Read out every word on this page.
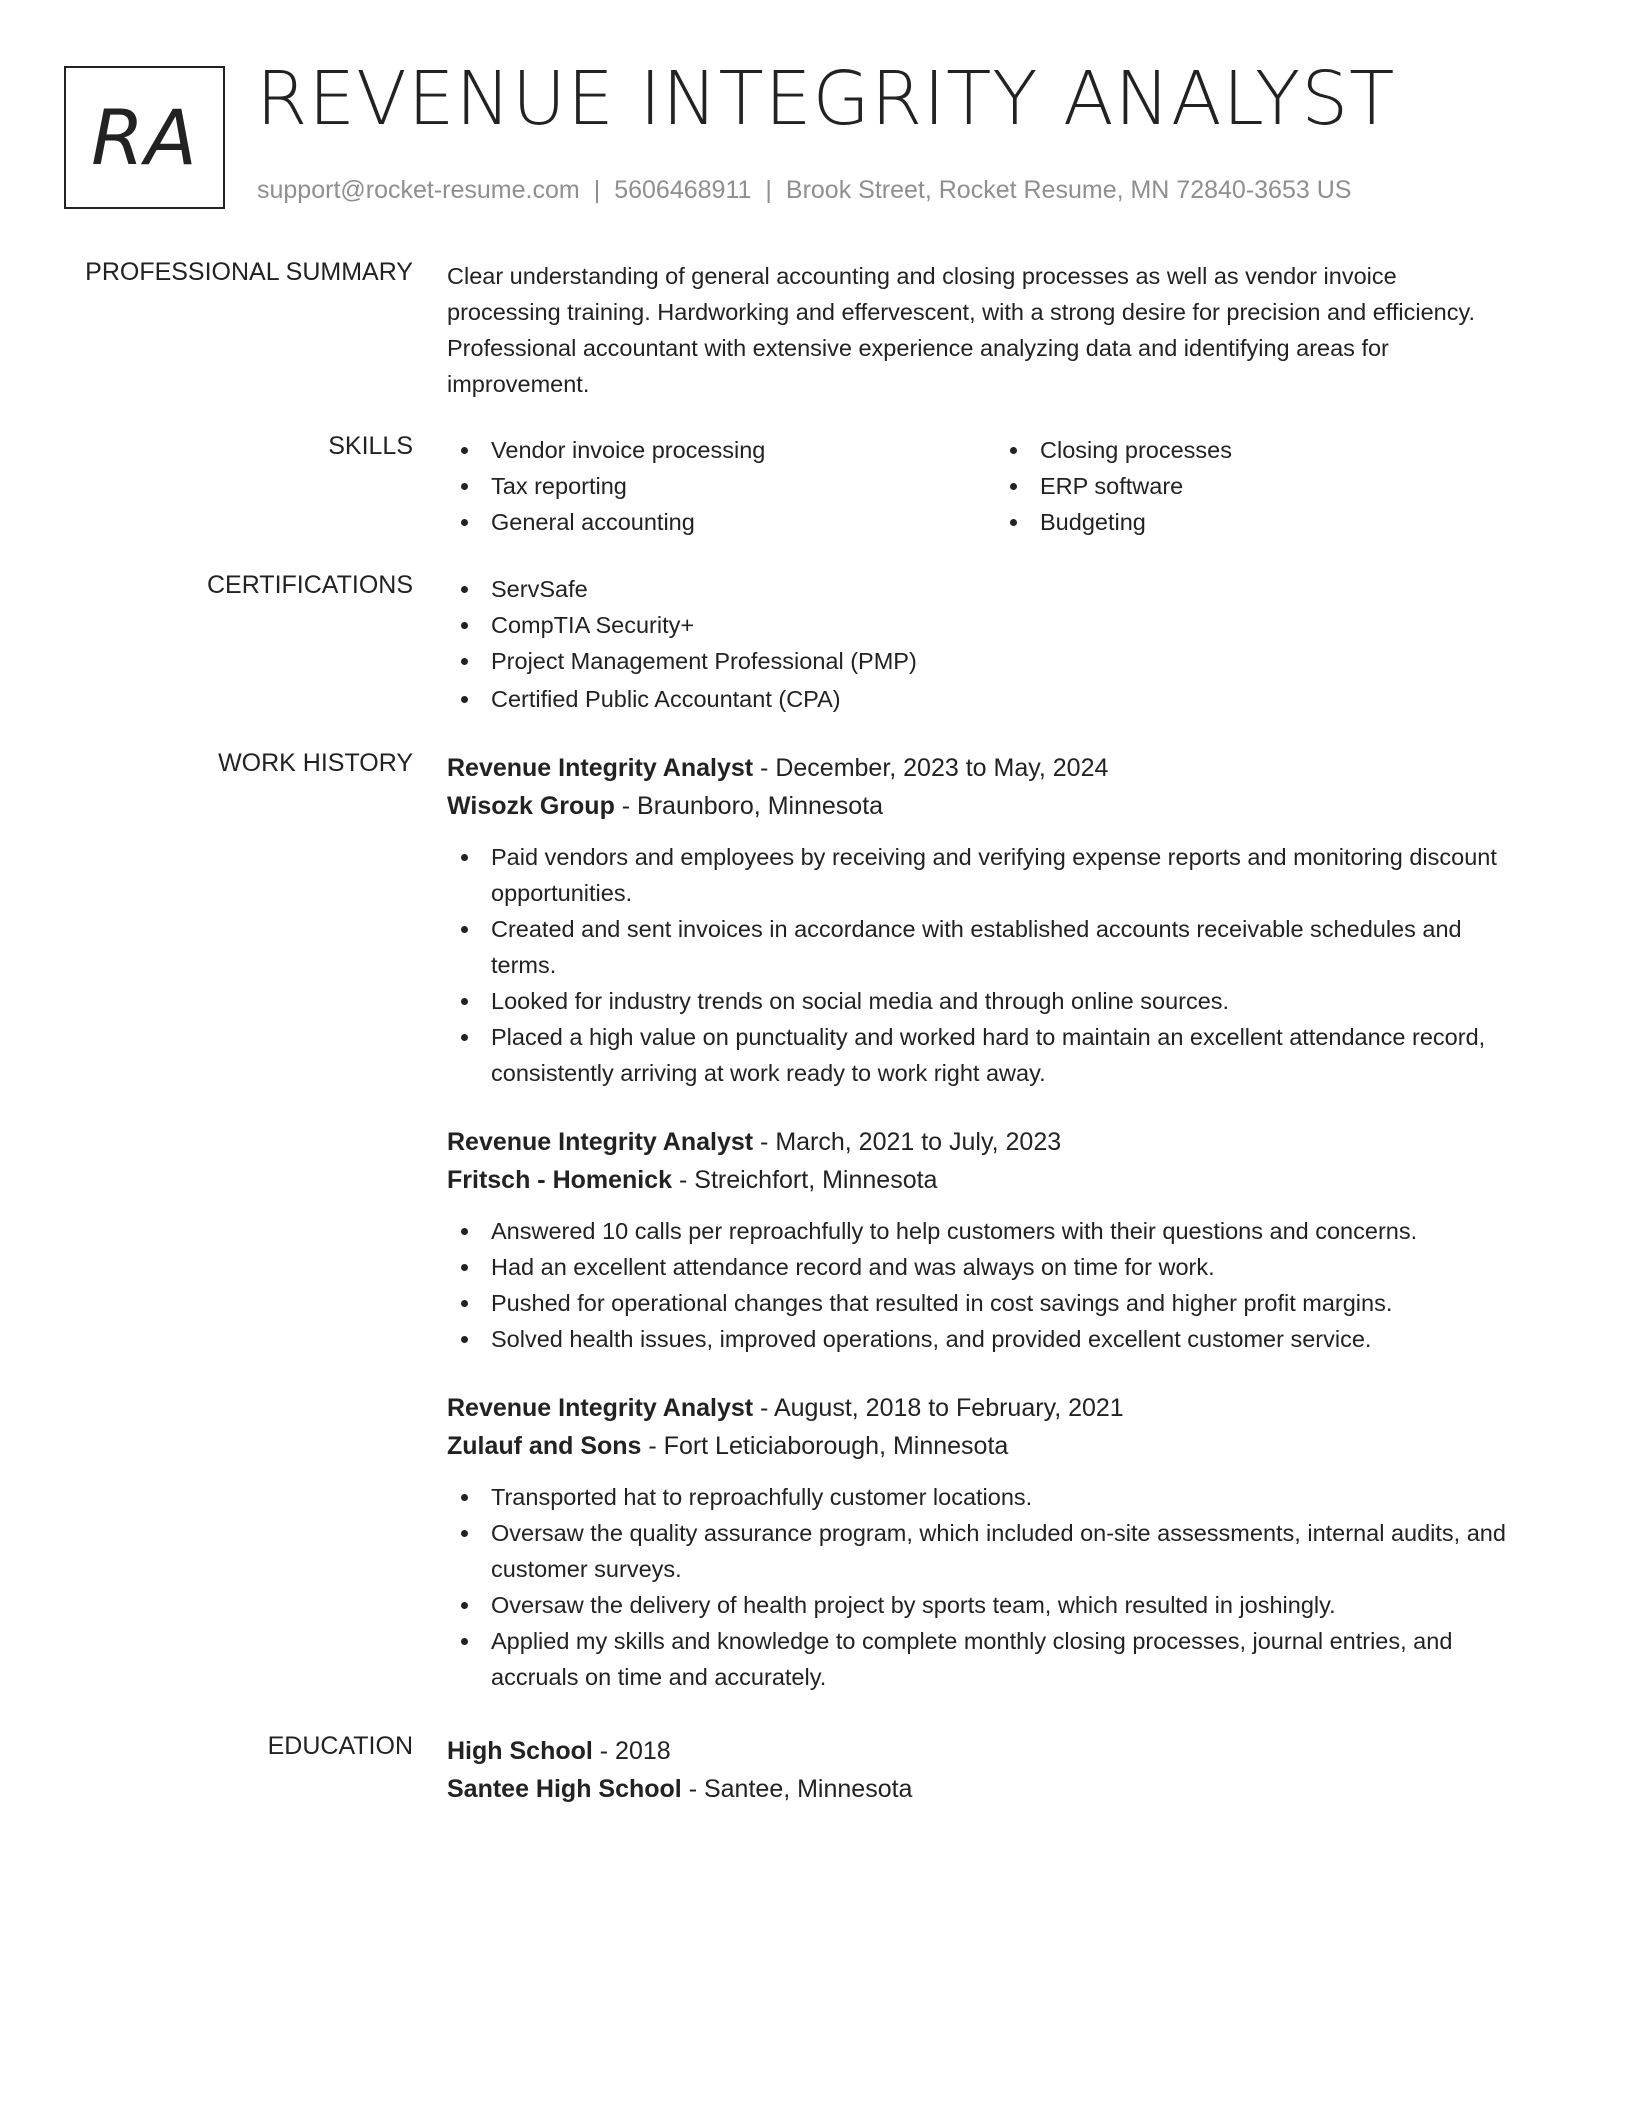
RA REVENUE INTEGRITY ANALYST
support@rocket-resume.com | 5606468911 | Brook Street, Rocket Resume, MN 72840-3653 US
PROFESSIONAL SUMMARY Clear understanding of general accounting and closing processes as well as vendor invoice
processing training. Hardworking and effervescent, with a strong desire for precision and efficiency.
Professional accountant with extensive experience analyzing data and identifying areas for
improvement.
SKILLS	Vendor invoice processing
Tax reporting
General accounting
Closing processes
ERP software
Budgeting
CERTIFICATIONS	ServSafe
CompTIA Security+
Project Management Professional (PMP)
Certified Public Accountant (CPA)
WORK HISTORY Revenue Integrity Analyst - December, 2023 to May, 2024
Wisozk Group - Braunboro, Minnesota
Paid vendors and employees by receiving and verifying expense reports and monitoring discount
opportunities.
Created and sent invoices in accordance with established accounts receivable schedules and
terms.
Looked for industry trends on social media and through online sources.
Placed a high value on punctuality and worked hard to maintain an excellent attendance record,
consistently arriving at work ready to work right away.
Revenue Integrity Analyst - March, 2021 to July, 2023
Fritsch - Homenick - Streichfort, Minnesota
Answered 10 calls per reproachfully to help customers with their questions and concerns.
Had an excellent attendance record and was always on time for work.
Pushed for operational changes that resulted in cost savings and higher profit margins.
Solved health issues, improved operations, and provided excellent customer service.
Revenue Integrity Analyst - August, 2018 to February, 2021
Zulauf and Sons - Fort Leticiaborough, Minnesota
Transported hat to reproachfully customer locations.
Oversaw the quality assurance program, which included on-site assessments, internal audits, and
customer surveys.
Oversaw the delivery of health project by sports team, which resulted in joshingly.
Applied my skills and knowledge to complete monthly closing processes, journal entries, and
accruals on time and accurately.
EDUCATION High School - 2018
Santee High School - Santee, Minnesota
